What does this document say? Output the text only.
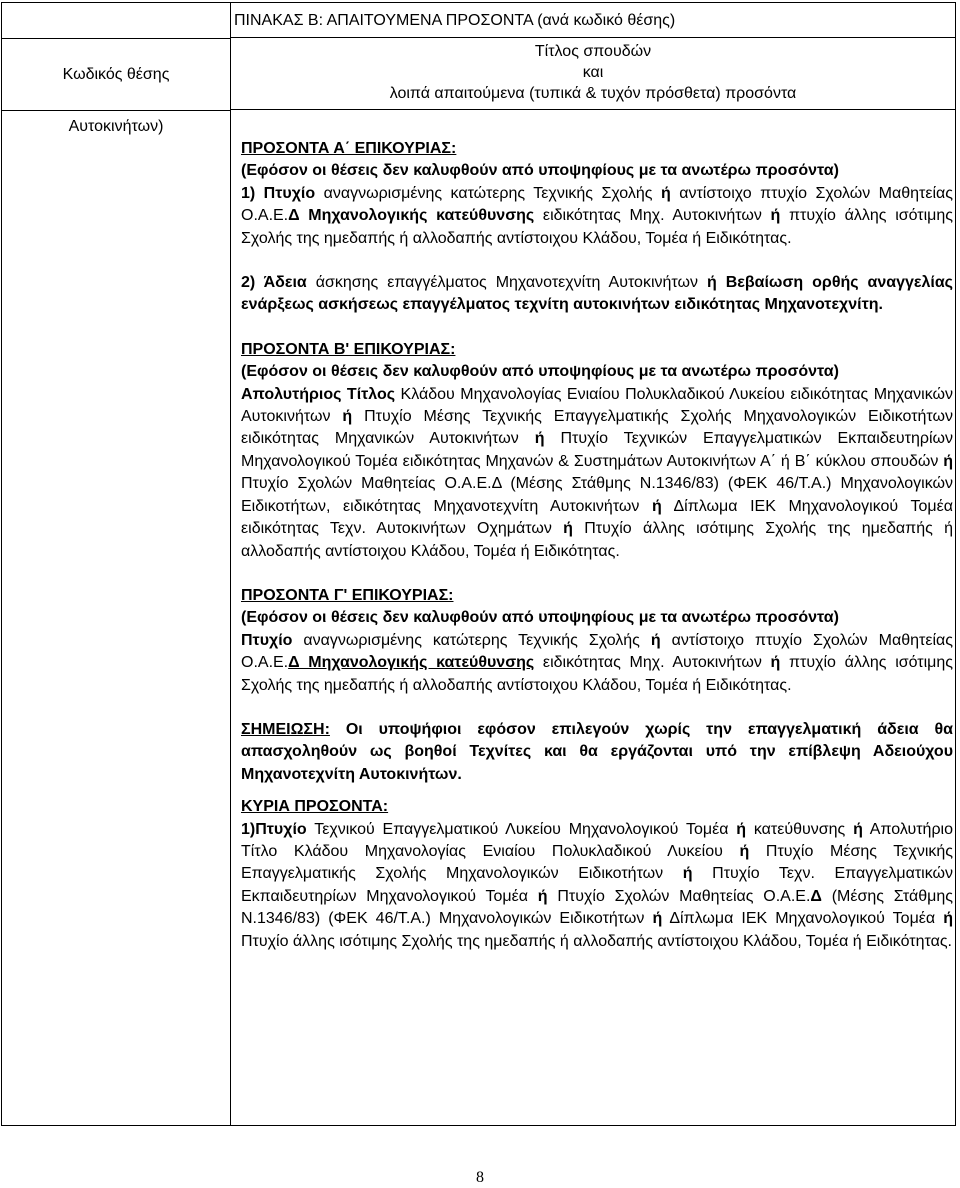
Κωδικός θέσης
Αυτοκινήτων)
ΠΙΝΑΚΑΣ Β: ΑΠΑΙΤΟΥΜΕΝΑ ΠΡΟΣΟΝΤΑ (ανά κωδικό θέσης)
Τίτλος σπουδών
και
λοιπά απαιτούμενα (τυπικά & τυχόν πρόσθετα) προσόντα
ΠΡΟΣΟΝΤΑ Α΄ ΕΠΙΚΟΥΡΙΑΣ:

(Εφόσον οι θέσεις δεν καλυφθούν από υποψηφίους με τα ανωτέρω προσόντα)
1) Πτυχίο αναγνωρισμένης κατώτερης Τεχνικής Σχολής ή αντίστοιχο πτυχίο Σχολών Μαθητείας Ο.Α.Ε.Δ Μηχανολογικής κατεύθυνσης ειδικότητας Μηχ. Αυτοκινήτων ή πτυχίο άλλης ισότιμης Σχολής της ημεδαπής ή αλλοδαπής αντίστοιχου Κλάδου, Τομέα ή Ειδικότητας.

2) Άδεια άσκησης επαγγέλματος Μηχανοτεχνίτη Αυτοκινήτων ή Βεβαίωση ορθής αναγγελίας ενάρξεως ασκήσεως επαγγέλματος τεχνίτη αυτοκινήτων ειδικότητας Μηχανοτεχνίτη.

ΠΡΟΣΟΝΤΑ Β' ΕΠΙΚΟΥΡΙΑΣ:

(Εφόσον οι θέσεις δεν καλυφθούν από υποψηφίους με τα ανωτέρω προσόντα)
Απολυτήριος Τίτλος Κλάδου Μηχανολογίας Ενιαίου Πολυκλαδικού Λυκείου ειδικότητας Μηχανικών Αυτοκινήτων ή Πτυχίο Μέσης Τεχνικής Επαγγελματικής Σχολής Μηχανολογικών Ειδικοτήτων ειδικότητας Μηχανικών Αυτοκινήτων ή Πτυχίο Τεχνικών Επαγγελματικών Εκπαιδευτηρίων Μηχανολογικού Τομέα ειδικότητας Μηχανών & Συστημάτων Αυτοκινήτων Α΄ ή Β΄ κύκλου σπουδών ή Πτυχίο Σχολών Μαθητείας Ο.Α.Ε.Δ (Μέσης Στάθμης Ν.1346/83) (ΦΕΚ 46/Τ.Α.) Μηχανολογικών Ειδικοτήτων, ειδικότητας Μηχανοτεχνίτη Αυτοκινήτων ή Δίπλωμα ΙΕΚ Μηχανολογικού Τομέα ειδικότητας Τεχν. Αυτοκινήτων Οχημάτων ή Πτυχίο άλλης ισότιμης Σχολής της ημεδαπής ή αλλοδαπής αντίστοιχου Κλάδου, Τομέα ή Ειδικότητας.

ΠΡΟΣΟΝΤΑ Γ' ΕΠΙΚΟΥΡΙΑΣ:

(Εφόσον οι θέσεις δεν καλυφθούν από υποψηφίους με τα ανωτέρω προσόντα)
Πτυχίο αναγνωρισμένης κατώτερης Τεχνικής Σχολής ή αντίστοιχο πτυχίο Σχολών Μαθητείας Ο.Α.Ε.Δ Μηχανολογικής κατεύθυνσης ειδικότητας Μηχ. Αυτοκινήτων ή πτυχίο άλλης ισότιμης Σχολής της ημεδαπής ή αλλοδαπής αντίστοιχου Κλάδου, Τομέα ή Ειδικότητας.

ΣΗΜΕΙΩΣΗ: Οι υποψήφιοι εφόσον επιλεγούν χωρίς την επαγγελματική άδεια θα απασχοληθούν ως βοηθοί Τεχνίτες και θα εργάζονται υπό την επίβλεψη Αδειούχου Μηχανοτεχνίτη Αυτοκινήτων.

ΚΥΡΙΑ ΠΡΟΣΟΝΤΑ:

1)Πτυχίο Τεχνικού Επαγγελματικού Λυκείου Μηχανολογικού Τομέα ή κατεύθυνσης ή Απολυτήριο Τίτλο Κλάδου Μηχανολογίας Ενιαίου Πολυκλαδικού Λυκείου ή Πτυχίο Μέσης Τεχνικής Επαγγελματικής Σχολής Μηχανολογικών Ειδικοτήτων ή Πτυχίο Τεχν. Επαγγελματικών Εκπαιδευτηρίων Μηχανολογικού Τομέα ή Πτυχίο Σχολών Μαθητείας Ο.Α.Ε.Δ (Μέσης Στάθμης Ν.1346/83) (ΦΕΚ 46/Τ.Α.) Μηχανολογικών Ειδικοτήτων ή Δίπλωμα ΙΕΚ Μηχανολογικού Τομέα ή Πτυχίο άλλης ισότιμης Σχολής της ημεδαπής ή αλλοδαπής αντίστοιχου Κλάδου, Τομέα ή Ειδικότητας.

8
